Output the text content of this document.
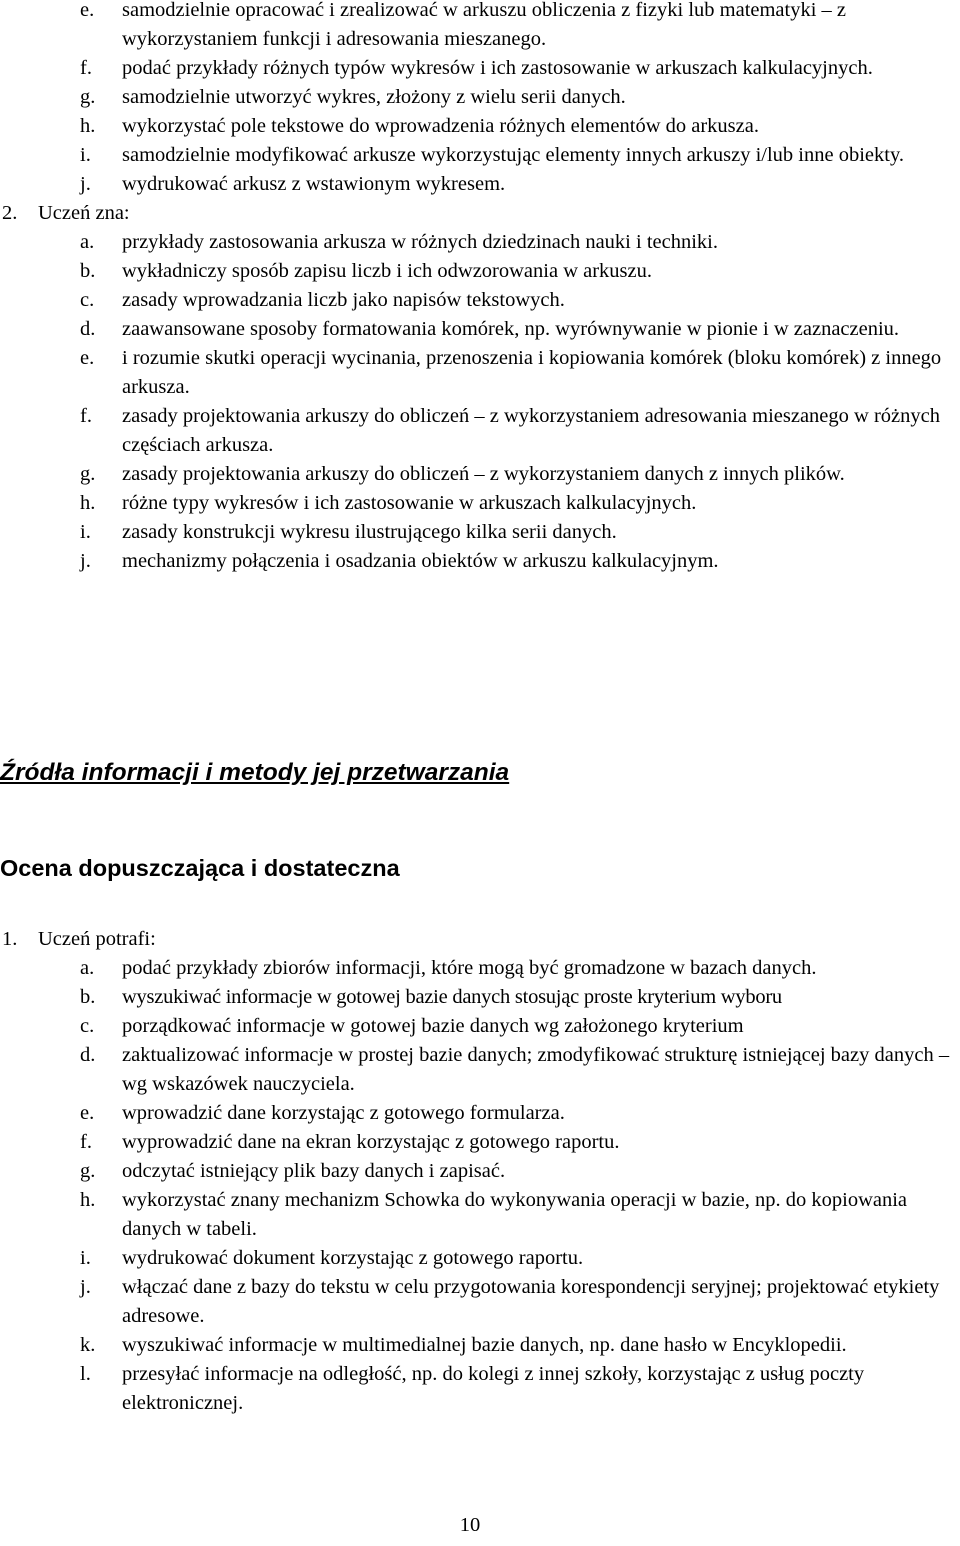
e. samodzielnie opracować i zrealizować w arkuszu obliczenia z fizyki lub matematyki – z wykorzystaniem funkcji i adresowania mieszanego.
f. podać przykłady różnych typów wykresów i ich zastosowanie w arkuszach kalkulacyjnych.
g. samodzielnie utworzyć wykres, złożony z wielu serii danych.
h. wykorzystać pole tekstowe do wprowadzenia różnych elementów do arkusza.
i. samodzielnie modyfikować arkusze wykorzystując elementy innych arkuszy i/lub inne obiekty.
j. wydrukować arkusz z wstawionym wykresem.
2. Uczeń zna:
a. przykłady zastosowania arkusza w różnych dziedzinach nauki i techniki.
b. wykładniczy sposób zapisu liczb i ich odwzorowania w arkuszu.
c. zasady wprowadzania liczb jako napisów tekstowych.
d. zaawansowane sposoby formatowania komórek, np. wyrównywanie w pionie i w zaznaczeniu.
e. i rozumie skutki operacji wycinania, przenoszenia i kopiowania komórek (bloku komórek) z innego arkusza.
f. zasady projektowania arkuszy do obliczeń – z wykorzystaniem adresowania mieszanego w różnych częściach arkusza.
g. zasady projektowania arkuszy do obliczeń – z wykorzystaniem danych z innych plików.
h. różne typy wykresów i ich zastosowanie w arkuszach kalkulacyjnych.
i. zasady konstrukcji wykresu ilustrującego kilka serii danych.
j. mechanizmy połączenia i osadzania obiektów w arkuszu kalkulacyjnym.
Źródła informacji i metody jej przetwarzania
Ocena dopuszczająca i dostateczna
1. Uczeń potrafi:
a. podać przykłady zbiorów informacji, które mogą być gromadzone w bazach danych.
b. wyszukiwać informacje w gotowej bazie danych stosując proste kryterium wyboru
c. porządkować informacje w gotowej bazie danych wg założonego kryterium
d. zaktualizować informacje w prostej bazie danych; zmodyfikować strukturę istniejącej bazy danych – wg wskazówek nauczyciela.
e. wprowadzić dane korzystając z gotowego formularza.
f. wyprowadzić dane na ekran korzystając z gotowego raportu.
g. odczytać istniejący plik bazy danych i zapisać.
h. wykorzystać znany mechanizm Schowka do wykonywania operacji w bazie, np. do kopiowania danych w tabeli.
i. wydrukować dokument korzystając z gotowego raportu.
j. włączać dane z bazy do tekstu w celu przygotowania korespondencji seryjnej; projektować etykiety adresowe.
k. wyszukiwać informacje w multimedialnej bazie danych, np. dane hasło w Encyklopedii.
l. przesyłać informacje na odległość, np. do kolegi z innej szkoły, korzystając z usług poczty elektronicznej.
10
